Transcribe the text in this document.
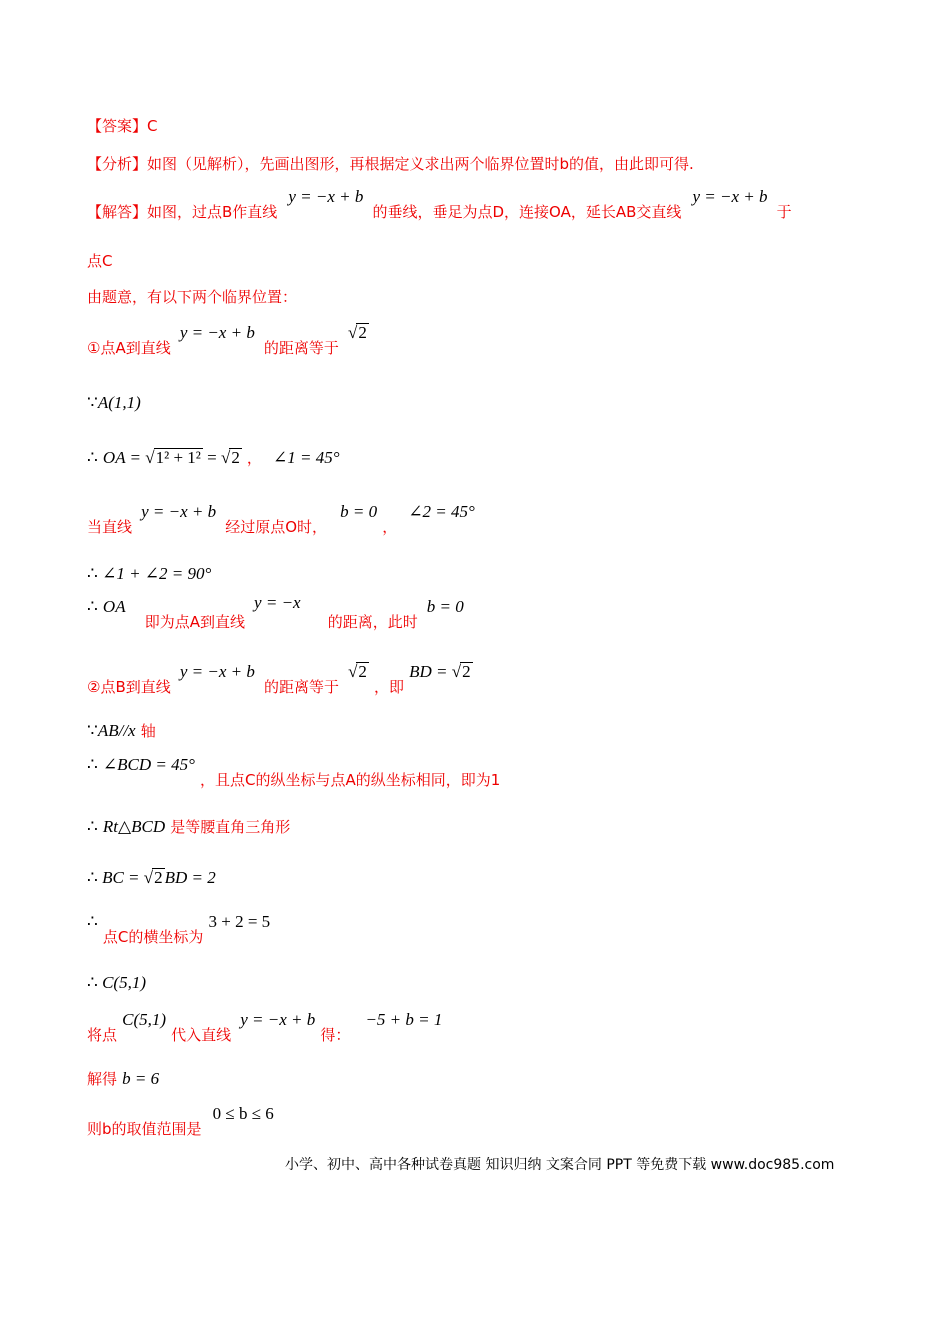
【答案】C
【分析】如图（见解析），先画出图形，再根据定义求出两个临界位置时b的值，由此即可得.
【解答】如图，过点B作直线 y = −x + b 的垂线，垂足为点D，连接OA，延长AB交直线 y = −x + b 于
点C
由题意，有以下两个临界位置：
①点A到直线 y = −x + b 的距离等于 √2
∵A(1,1)
∴ OA = √1² + 1² = √2 ， ∠1 = 45°
当直线 y = −x + b 经过原点O时， b = 0 ， ∠2 = 45°
∴ ∠1 + ∠2 = 90°
∴ OA 即为点A到直线 y = −x 的距离，此时 b = 0
②点B到直线 y = −x + b 的距离等于 √2 ，即 BD = √2
∵AB//x 轴
∴ ∠BCD = 45° ，且点C的纵坐标与点A的纵坐标相同，即为1
∴ Rt△BCD 是等腰直角三角形
∴ BC = √2 BD = 2
∴ 点C的横坐标为 3 + 2 = 5
∴ C(5,1)
将点 C(5,1) 代入直线 y = −x + b 得： −5 + b = 1
解得 b = 6
则b的取值范围是 0 ≤ b ≤ 6
小学、初中、高中各种试卷真题 知识归纳 文案合同 PPT 等免费下载 www.doc985.com
